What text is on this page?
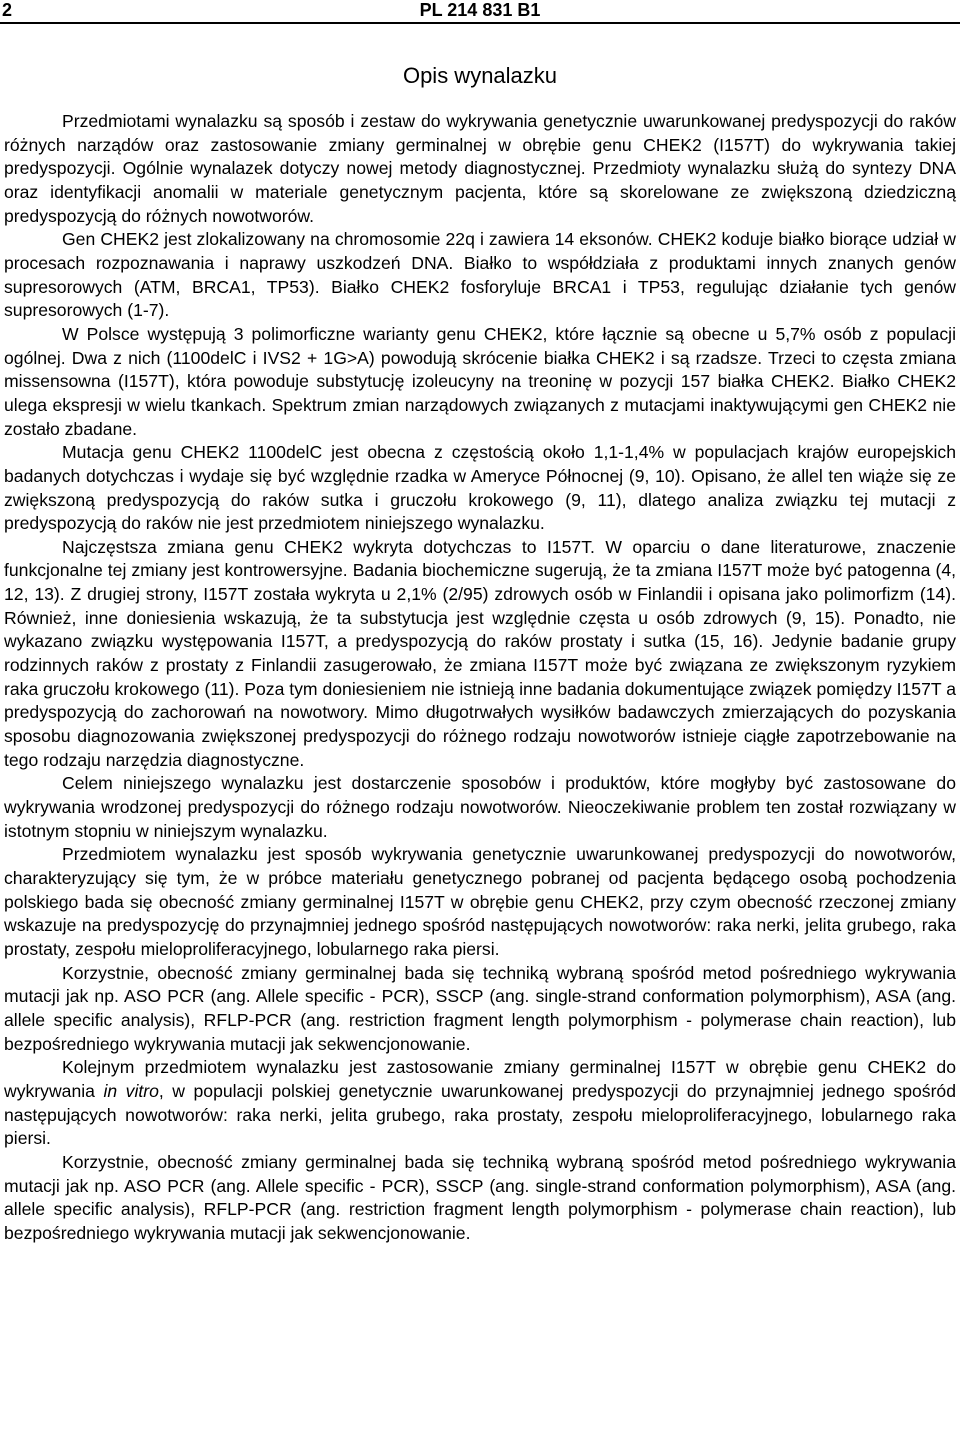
2	PL 214 831 B1
Opis wynalazku

Przedmiotami wynalazku są sposób i zestaw do wykrywania genetycznie uwarunkowanej predyspozycji do raków różnych narządów oraz zastosowanie zmiany germinalnej w obrębie genu CHEK2 (I157T) do wykrywania takiej predyspozycji. Ogólnie wynalazek dotyczy nowej metody diagnostycznej. Przedmioty wynalazku służą do syntezy DNA oraz identyfikacji anomalii w materiale genetycznym pacjenta, które są skorelowane ze zwiększoną dziedziczną predyspozycją do różnych nowotworów.

Gen CHEK2 jest zlokalizowany na chromosomie 22q i zawiera 14 eksonów. CHEK2 koduje białko biorące udział w procesach rozpoznawania i naprawy uszkodzeń DNA. Białko to współdziała z produktami innych znanych genów supresorowych (ATM, BRCA1, TP53). Białko CHEK2 fosforyluje BRCA1 i TP53, regulując działanie tych genów supresorowych (1-7).

W Polsce występują 3 polimorficzne warianty genu CHEK2, które łącznie są obecne u 5,7% osób z populacji ogólnej. Dwa z nich (1100delC i IVS2 + 1G>A) powodują skrócenie białka CHEK2 i są rzadsze. Trzeci to częsta zmiana missensowna (I157T), która powoduje substytucję izoleucyny na treoninę w pozycji 157 białka CHEK2. Białko CHEK2 ulega ekspresji w wielu tkankach. Spektrum zmian narządowych związanych z mutacjami inaktywującymi gen CHEK2 nie zostało zbadane.

Mutacja genu CHEK2 1100delC jest obecna z częstością około 1,1-1,4% w populacjach krajów europejskich badanych dotychczas i wydaje się być względnie rzadka w Ameryce Północnej (9, 10). Opisano, że allel ten wiąże się ze zwiększoną predyspozycją do raków sutka i gruczołu krokowego (9, 11), dlatego analiza związku tej mutacji z predyspozycją do raków nie jest przedmiotem niniejszego wynalazku.

Najczęstsza zmiana genu CHEK2 wykryta dotychczas to I157T. W oparciu o dane literaturowe, znaczenie funkcjonalne tej zmiany jest kontrowersyjne. Badania biochemiczne sugerują, że ta zmiana I157T może być patogenna (4, 12, 13). Z drugiej strony, I157T została wykryta u 2,1% (2/95) zdrowych osób w Finlandii i opisana jako polimorfizm (14). Również, inne doniesienia wskazują, że ta substytucja jest względnie częsta u osób zdrowych (9, 15). Ponadto, nie wykazano związku występowania I157T, a predyspozycją do raków prostaty i sutka (15, 16). Jedynie badanie grupy rodzinnych raków z prostaty z Finlandii zasugerowało, że zmiana I157T może być związana ze zwiększonym ryzykiem raka gruczołu krokowego (11). Poza tym doniesieniem nie istnieją inne badania dokumentujące związek pomiędzy I157T a predyspozycją do zachorowań na nowotwory. Mimo długotrwałych wysiłków badawczych zmierzających do pozyskania sposobu diagnozowania zwiększonej predyspozycji do różnego rodzaju nowotworów istnieje ciągłe zapotrzebowanie na tego rodzaju narzędzia diagnostyczne.

Celem niniejszego wynalazku jest dostarczenie sposobów i produktów, które mogłyby być zastosowane do wykrywania wrodzonej predyspozycji do różnego rodzaju nowotworów. Nieoczekiwanie problem ten został rozwiązany w istotnym stopniu w niniejszym wynalazku.

Przedmiotem wynalazku jest sposób wykrywania genetycznie uwarunkowanej predyspozycji do nowotworów, charakteryzujący się tym, że w próbce materiału genetycznego pobranej od pacjenta będącego osobą pochodzenia polskiego bada się obecność zmiany germinalnej I157T w obrębie genu CHEK2, przy czym obecność rzeczonej zmiany wskazuje na predyspozycję do przynajmniej jednego spośród następujących nowotworów: raka nerki, jelita grubego, raka prostaty, zespołu mieloproliferacyjnego, lobularnego raka piersi.

Korzystnie, obecność zmiany germinalnej bada się techniką wybraną spośród metod pośredniego wykrywania mutacji jak np. ASO PCR (ang. Allele specific - PCR), SSCP (ang. single-strand conformation polymorphism), ASA (ang. allele specific analysis), RFLP-PCR (ang. restriction fragment length polymorphism - polymerase chain reaction), lub bezpośredniego wykrywania mutacji jak sekwencjonowanie.

Kolejnym przedmiotem wynalazku jest zastosowanie zmiany germinalnej I157T w obrębie genu CHEK2 do wykrywania in vitro, w populacji polskiej genetycznie uwarunkowanej predyspozycji do przynajmniej jednego spośród następujących nowotworów: raka nerki, jelita grubego, raka prostaty, zespołu mieloproliferacyjnego, lobularnego raka piersi.

Korzystnie, obecność zmiany germinalnej bada się techniką wybraną spośród metod pośredniego wykrywania mutacji jak np. ASO PCR (ang. Allele specific - PCR), SSCP (ang. single-strand conformation polymorphism), ASA (ang. allele specific analysis), RFLP-PCR (ang. restriction fragment length polymorphism - polymerase chain reaction), lub bezpośredniego wykrywania mutacji jak sekwencjonowanie.
